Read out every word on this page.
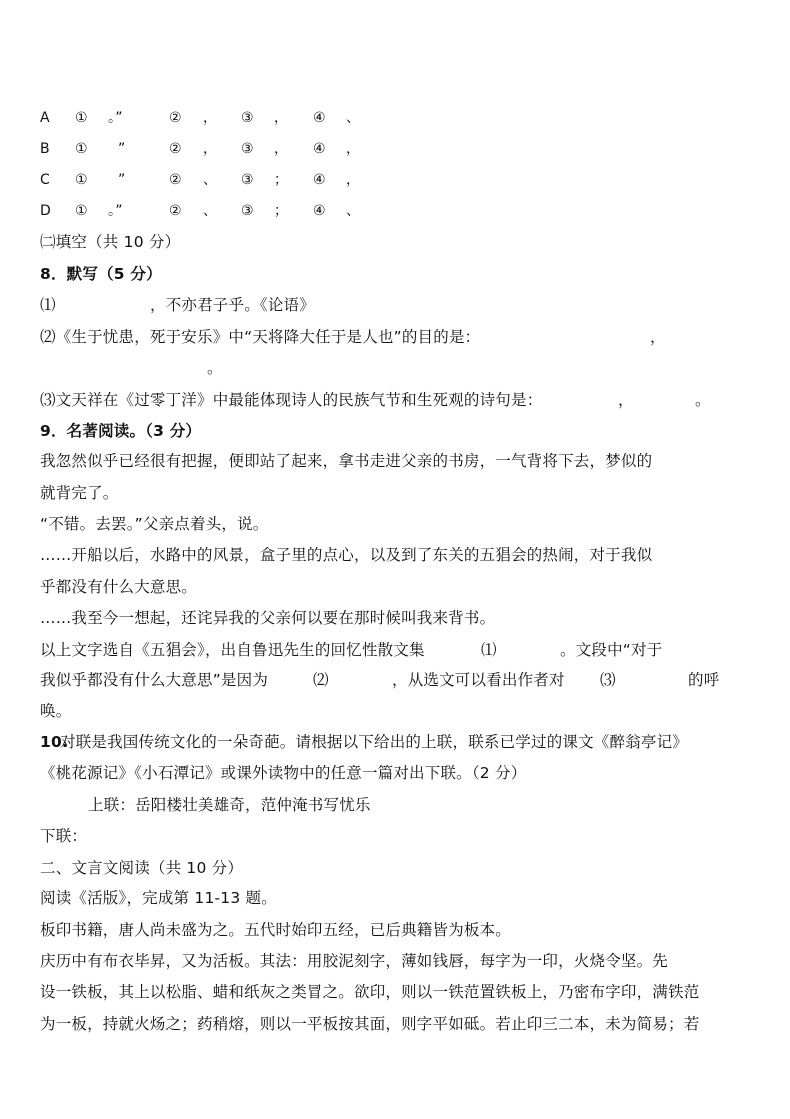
A ① 。”	② ， ③ ， ④ 、
B ① ”	② ， ③ ， ④ ，
C ① ”	② 、 ③ ； ④ ，
D ① 。”	② 、 ③ ； ④ 、
㈡填空（共 10 分）
8．默写（5 分）
⑴	，不亦君子乎。《论语》
⑵《生于忧患，死于安乐》中“天将降大任于是人也”的目的是：	，
。
⑶文天祥在《过零丁洋》中最能体现诗人的民族气节和生死观的诗句是：	，	。
9．名著阅读。（3 分）
我忽然似乎已经很有把握，便即站了起来，拿书走进父亲的书房，一气背将下去，梦似的
就背完了。
“不错。去罢。”父亲点着头，说。
……开船以后，水路中的风景，盒子里的点心，以及到了东关的五猖会的热闹，对于我似
乎都没有什么大意思。
……我至今一想起，还诧异我的父亲何以要在那时候叫我来背书。
以上文字选自《五猖会》，出自鲁迅先生的回忆性散文集	⑴	。文段中“对于
我似乎都没有什么大意思”是因为	⑵	，从选文可以看出作者对 ⑶	的呼
唤。
10.
对联是我国传统文化的一朵奇葩。请根据以下给出的上联，联系已学过的课文《醉翁亭记》
《桃花源记》《小石潭记》或课外读物中的任意一篇对出下联。（2 分）
上联：岳阳楼壮美雄奇，范仲淹书写忧乐
下联：
二、文言文阅读（共 10 分）
阅读《活版》，完成第 11-13 题。
板印书籍，唐人尚未盛为之。五代时始印五经，已后典籍皆为板本。
庆历中有布衣毕昇，又为活板。其法：用胶泥刻字，薄如钱唇，每字为一印，火烧令坚。先
设一铁板，其上以松脂、蜡和纸灰之类冒之。欲印，则以一铁范置铁板上，乃密布字印，满铁范
为一板，持就火炀之；药稍熔，则以一平板按其面，则字平如砥。若止印三二本，未为简易；若
